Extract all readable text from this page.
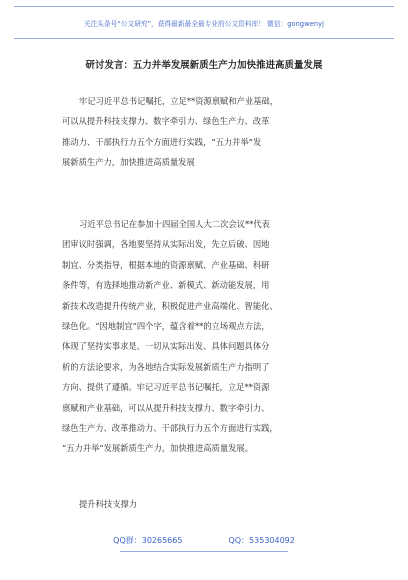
关注头条号“公文研究”，获得最新最全最专业的公文资料库！ 微信：gongwenyj
研讨发言：五力并举发展新质生产力加快推进高质量发展
牢记习近平总书记嘱托，立足**资源禀赋和产业基础，
可以从提升科技支撑力、数字牵引力、绿色生产力、改革
推动力、干部执行力五个方面进行实践，“五力并举”发
展新质生产力，加快推进高质量发展
习近平总书记在参加十四届全国人大二次会议**代表
团审议时强调，各地要坚持从实际出发，先立后破、因地
制宜、分类指导，根据本地的资源禀赋、产业基础、科研
条件等，有选择地推动新产业、新模式、新动能发展，用
新技术改造提升传统产业，积极促进产业高端化、智能化、
绿色化。“因地制宜”四个字，蕴含着**的立场观点方法，
体现了坚持实事求是。一切从实际出发、具体问题具体分
析的方法论要求，为各地结合实际发展新质生产力指明了
方向、提供了遵循。牢记习近平总书记嘱托，立足**资源
禀赋和产业基础，可以从提升科技支撑力、数字牵引力、
绿色生产力、改革推动力、干部执行力五个方面进行实践，
“五力并举”发展新质生产力，加快推进高质量发展。
提升科技支撑力
QQ群：30265665	QQ：535304092
